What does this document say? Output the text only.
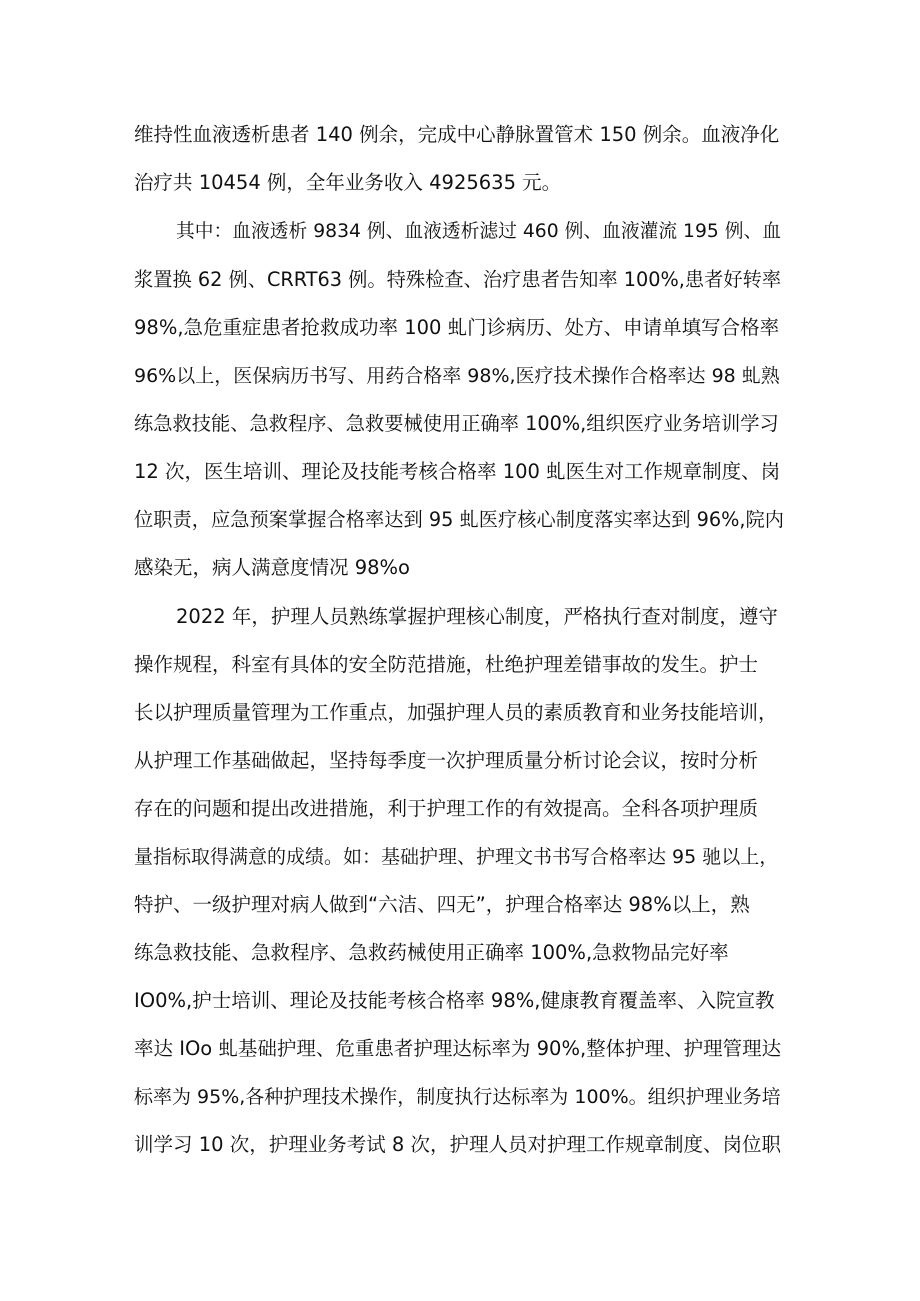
维持性血液透析患者 140 例余，完成中心静脉置管术 150 例余。血液净化

治疗共 10454 例，全年业务收入 4925635 元。

其中：血液透析 9834 例、血液透析滤过 460 例、血液灌流 195 例、血

浆置换 62 例、CRRT63 例。特殊检查、治疗患者告知率 100%,患者好转率

98%,急危重症患者抢救成功率 100 虬门诊病历、处方、申请单填写合格率

96%以上，医保病历书写、用药合格率 98%,医疗技术操作合格率达 98 虬熟

练急救技能、急救程序、急救要械使用正确率 100%,组织医疗业务培训学习

12 次，医生培训、理论及技能考核合格率 100 虬医生对工作规章制度、岗

位职责，应急预案掌握合格率达到 95 虬医疗核心制度落实率达到 96%,院内

感染无，病人满意度情况 98%o

2022 年，护理人员熟练掌握护理核心制度，严格执行查对制度，遵守

操作规程，科室有具体的安全防范措施，杜绝护理差错事故的发生。护士

长以护理质量管理为工作重点，加强护理人员的素质教育和业务技能培训，

从护理工作基础做起，坚持每季度一次护理质量分析讨论会议，按时分析

存在的问题和提出改进措施，利于护理工作的有效提高。全科各项护理质

量指标取得满意的成绩。如：基础护理、护理文书书写合格率达 95 驰以上，

特护、一级护理对病人做到“六洁、四无”，护理合格率达 98%以上，熟

练急救技能、急救程序、急救药械使用正确率 100%,急救物品完好率

IO0%,护士培训、理论及技能考核合格率 98%,健康教育覆盖率、入院宣教

率达 IOo 虬基础护理、危重患者护理达标率为 90%,整体护理、护理管理达

标率为 95%,各种护理技术操作，制度执行达标率为 100%。组织护理业务培

训学习 10 次，护理业务考试 8 次，护理人员对护理工作规章制度、岗位职
